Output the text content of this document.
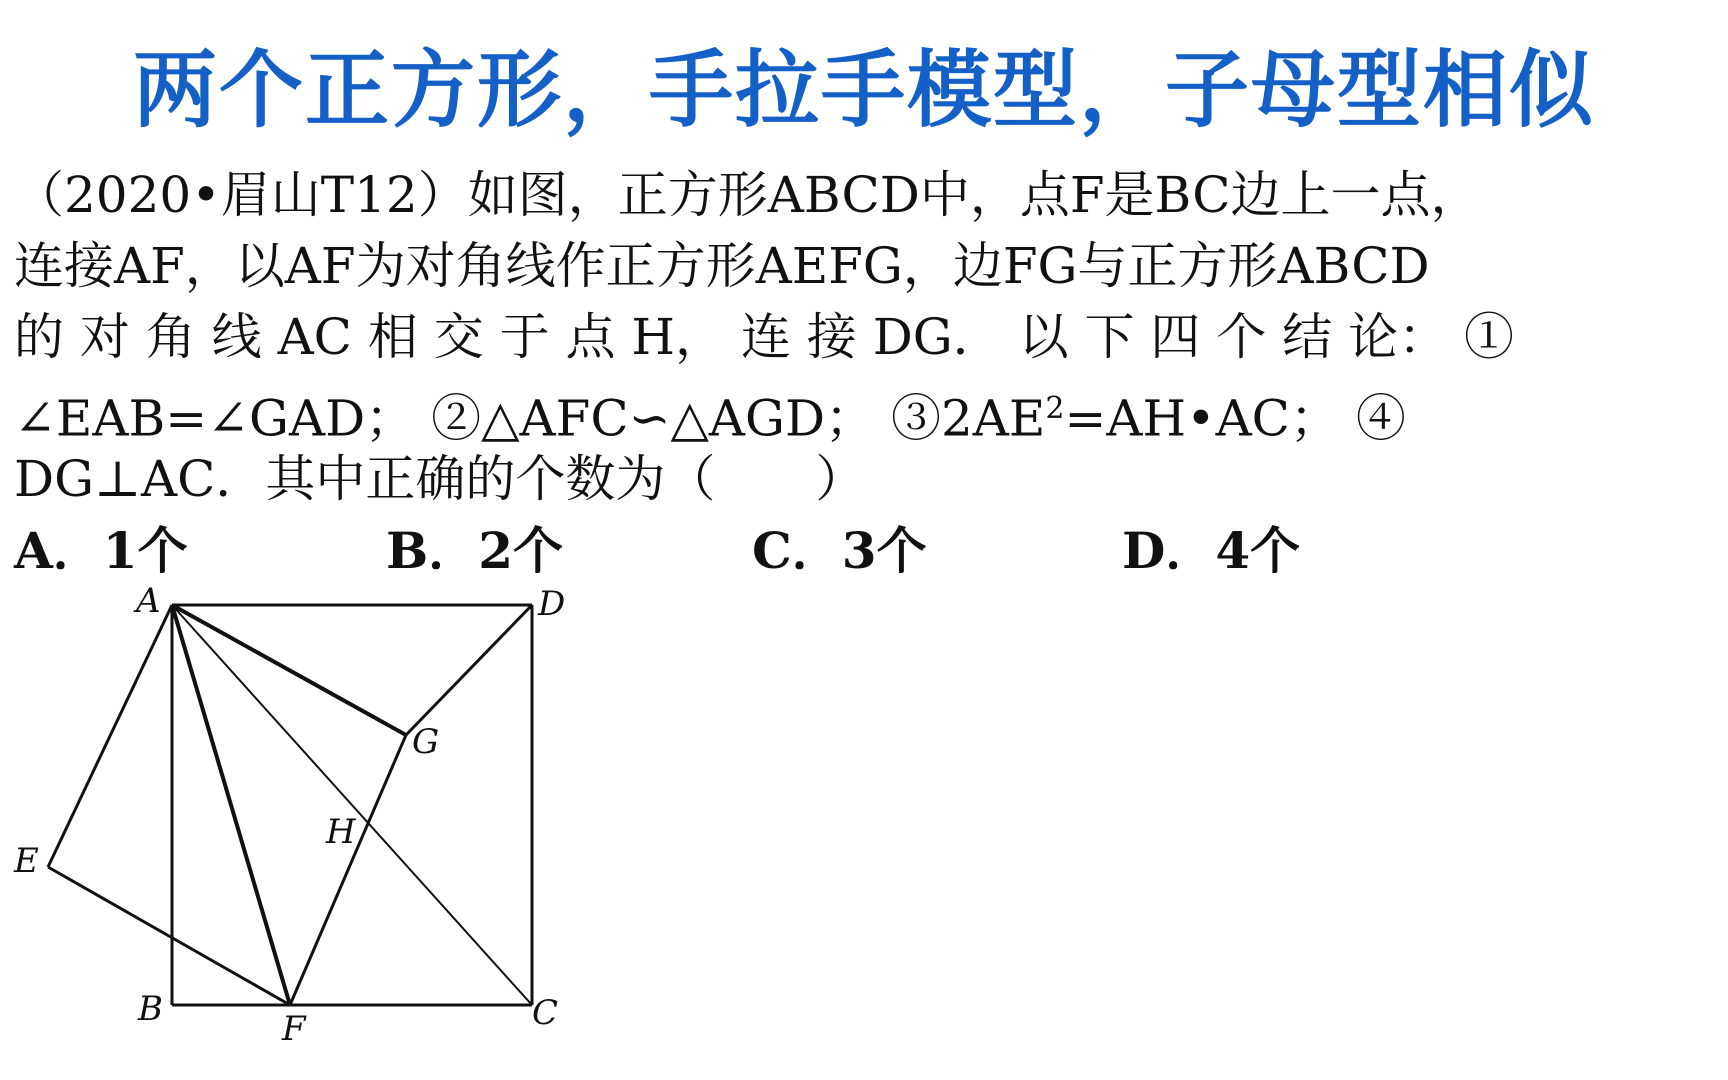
两个正方形，手拉手模型，子母型相似
（2020•眉山T12）如图，正方形ABCD中，点F是BC边上一点，
连接AF，以AF为对角线作正方形AEFG，边FG与正方形ABCD
的 对 角 线 AC 相 交 于 点 H， 连 接 DG． 以 下 四 个 结 论： ①
∠EAB=∠GAD； ②△AFC∽△AGD； $③2AE^2=AH•AC$； ④
DG⊥AC．其中正确的个数为（　　）
A．1个	B．2个	C．3个	D．4个
A	D
G
H
E
B	F	C
